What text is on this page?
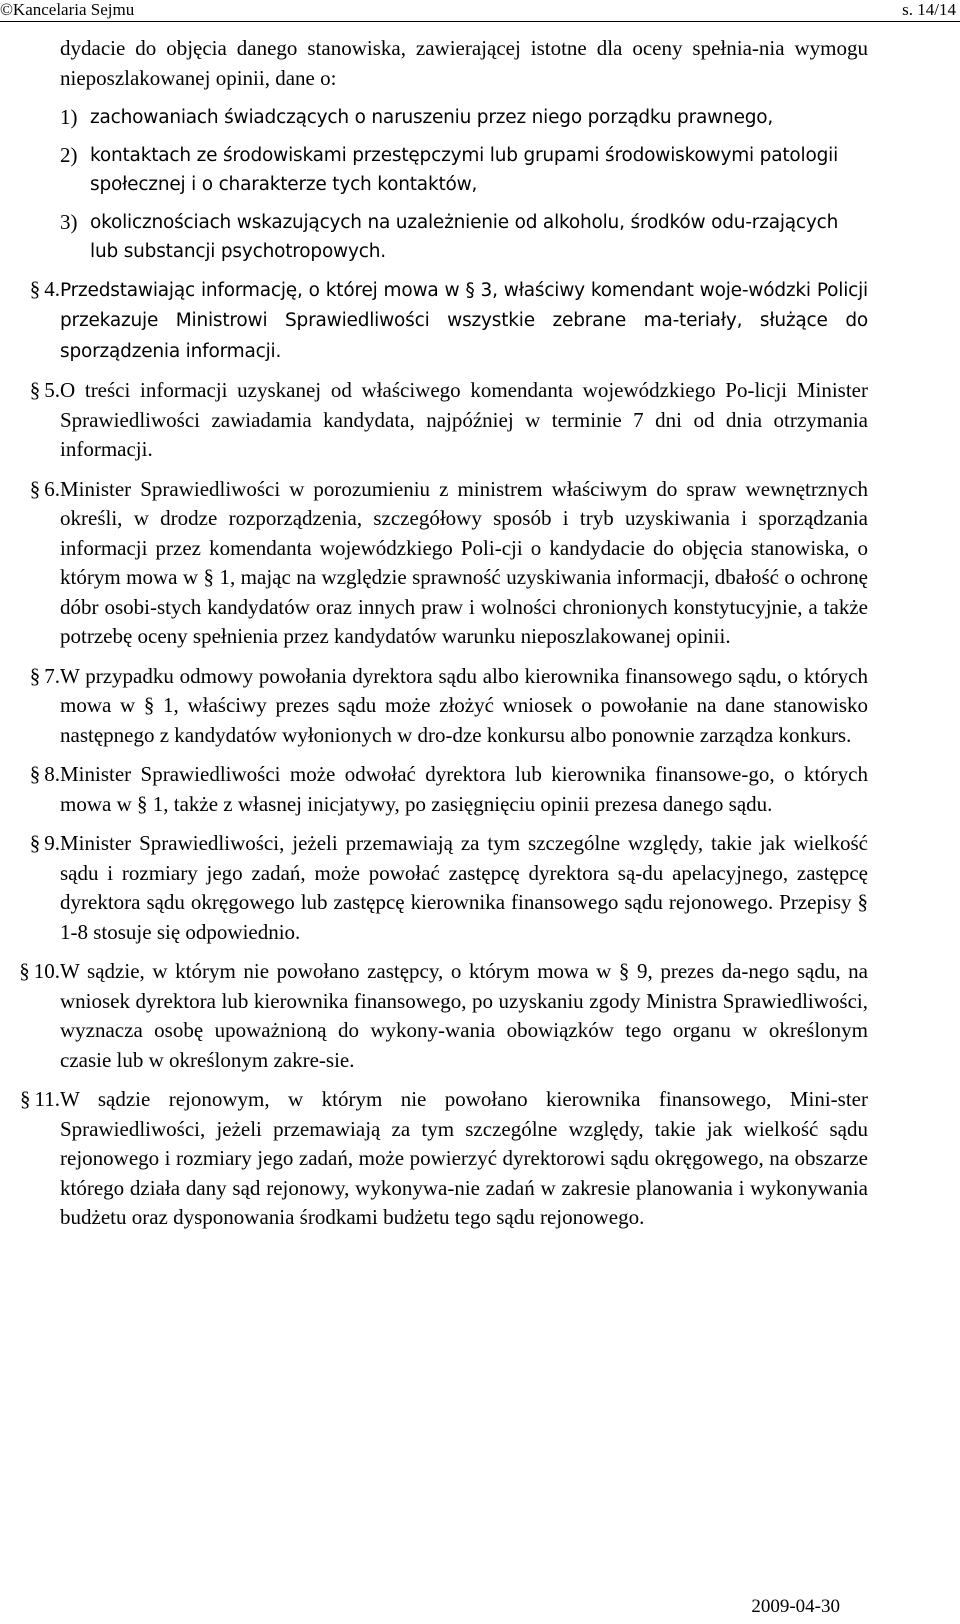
©Kancelaria Sejmu	s. 14/14

dydacie do objęcia danego stanowiska, zawierającej istotne dla oceny spełnia-nia wymogu nieposzlakowanej opinii, dane o:

1) zachowaniach świadczących o naruszeniu przez niego porządku prawnego,
2) kontaktach ze środowiskami przestępczymi lub grupami środowiskowymi patologii społecznej i o charakterze tych kontaktów,
3) okolicznościach wskazujących na uzależnienie od alkoholu, środków odu-rzających lub substancji psychotropowych.
§ 4. Przedstawiając informację, o której mowa w § 3, właściwy komendant woje-wódzki Policji przekazuje Ministrowi Sprawiedliwości wszystkie zebrane ma-teriały, służące do sporządzenia informacji.
§ 5. O treści informacji uzyskanej od właściwego komendanta wojewódzkiego Po-licji Minister Sprawiedliwości zawiadamia kandydata, najpóźniej w terminie 7 dni od dnia otrzymania informacji.
§ 6. Minister Sprawiedliwości w porozumieniu z ministrem właściwym do spraw wewnętrznych określi, w drodze rozporządzenia, szczegółowy sposób i tryb uzyskiwania i sporządzania informacji przez komendanta wojewódzkiego Poli-cji o kandydacie do objęcia stanowiska, o którym mowa w § 1, mając na względzie sprawność uzyskiwania informacji, dbałość o ochronę dóbr osobi-stych kandydatów oraz innych praw i wolności chronionych konstytucyjnie, a także potrzebę oceny spełnienia przez kandydatów warunku nieposzlakowanej opinii.
§ 7. W przypadku odmowy powołania dyrektora sądu albo kierownika finansowego sądu, o których mowa w § 1, właściwy prezes sądu może złożyć wniosek o powołanie na dane stanowisko następnego z kandydatów wyłonionych w dro-dze konkursu albo ponownie zarządza konkurs.
§ 8. Minister Sprawiedliwości może odwołać dyrektora lub kierownika finansowe-go, o których mowa w § 1, także z własnej inicjatywy, po zasięgnięciu opinii prezesa danego sądu.
§ 9. Minister Sprawiedliwości, jeżeli przemawiają za tym szczególne względy, takie jak wielkość sądu i rozmiary jego zadań, może powołać zastępcę dyrektora są-du apelacyjnego, zastępcę dyrektora sądu okręgowego lub zastępcę kierownika finansowego sądu rejonowego. Przepisy § 1-8 stosuje się odpowiednio.
§ 10. W sądzie, w którym nie powołano zastępcy, o którym mowa w § 9, prezes da-nego sądu, na wniosek dyrektora lub kierownika finansowego, po uzyskaniu zgody Ministra Sprawiedliwości, wyznacza osobę upoważnioną do wykony-wania obowiązków tego organu w określonym czasie lub w określonym zakre-sie.
§ 11. W sądzie rejonowym, w którym nie powołano kierownika finansowego, Mini-ster Sprawiedliwości, jeżeli przemawiają za tym szczególne względy, takie jak wielkość sądu rejonowego i rozmiary jego zadań, może powierzyć dyrektorowi sądu okręgowego, na obszarze którego działa dany sąd rejonowy, wykonywa-nie zadań w zakresie planowania i wykonywania budżetu oraz dysponowania środkami budżetu tego sądu rejonowego.
2009-04-30
